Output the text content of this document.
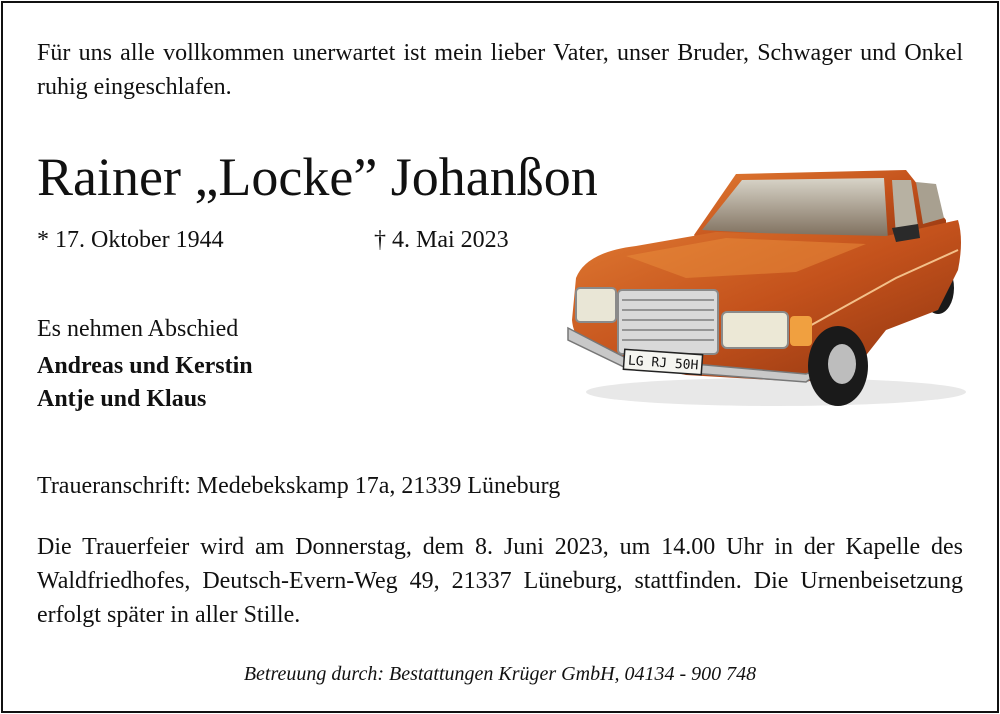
Für uns alle vollkommen unerwartet ist mein lieber Vater, unser Bruder, Schwager und Onkel ruhig eingeschlafen.
Rainer „Locke” Johanßon
* 17. Oktober 1944	† 4. Mai 2023
Es nehmen Abschied
Andreas und Kerstin
Antje und Klaus
Traueranschrift: Medebekskamp 17a, 21339 Lüneburg
Die Trauerfeier wird am Donnerstag, dem 8. Juni 2023, um 14.00 Uhr in der Kapelle des Waldfriedhofes, Deutsch-Evern-Weg 49, 21337 Lüneburg, stattfinden. Die Urnenbeisetzung erfolgt später in aller Stille.
Betreuung durch: Bestattungen Krüger GmbH, 04134 - 900 748
LG RJ 50H
